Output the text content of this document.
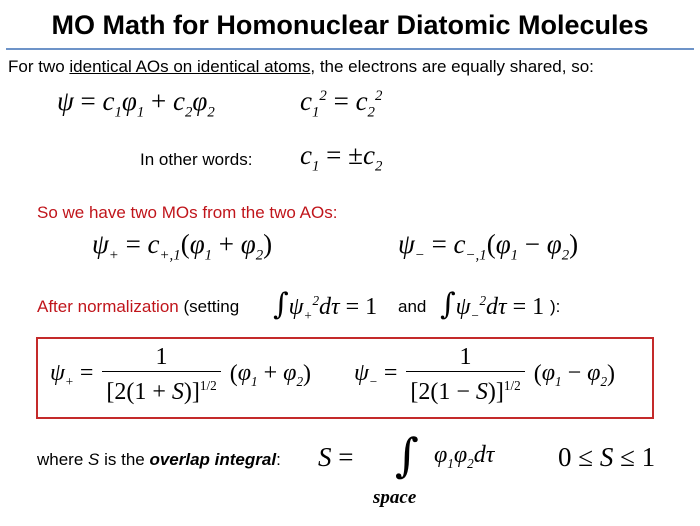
MO Math for Homonuclear Diatomic Molecules
For two identical AOs on identical atoms, the electrons are equally shared, so:
$\psi = c_1\varphi_1 + c_2\varphi_2$	$c_1^2 = c_2^2$
In other words: $c_1 = \pm c_2$
So we have two MOs from the two AOs:
$\psi_+ = c_{+,1}(\varphi_1 + \varphi_2)$	$\psi_- = c_{-,1}(\varphi_1 - \varphi_2)$
After normalization (setting $\int\psi_+^2d\tau = 1$ and $\int\psi_-^2d\tau = 1$ ):
$\psi_+ = \frac{1}{[2(1 + S)]^{1/2}} (\varphi_1 + \varphi_2) \psi_- = \frac{1}{[2(1 - S)]^{1/2}} (\varphi_1 - \varphi_2)$
where S is the overlap integral: S = ∫ $\varphi_1\varphi_2d\tau$ 0 ≤ S ≤ 1
space
